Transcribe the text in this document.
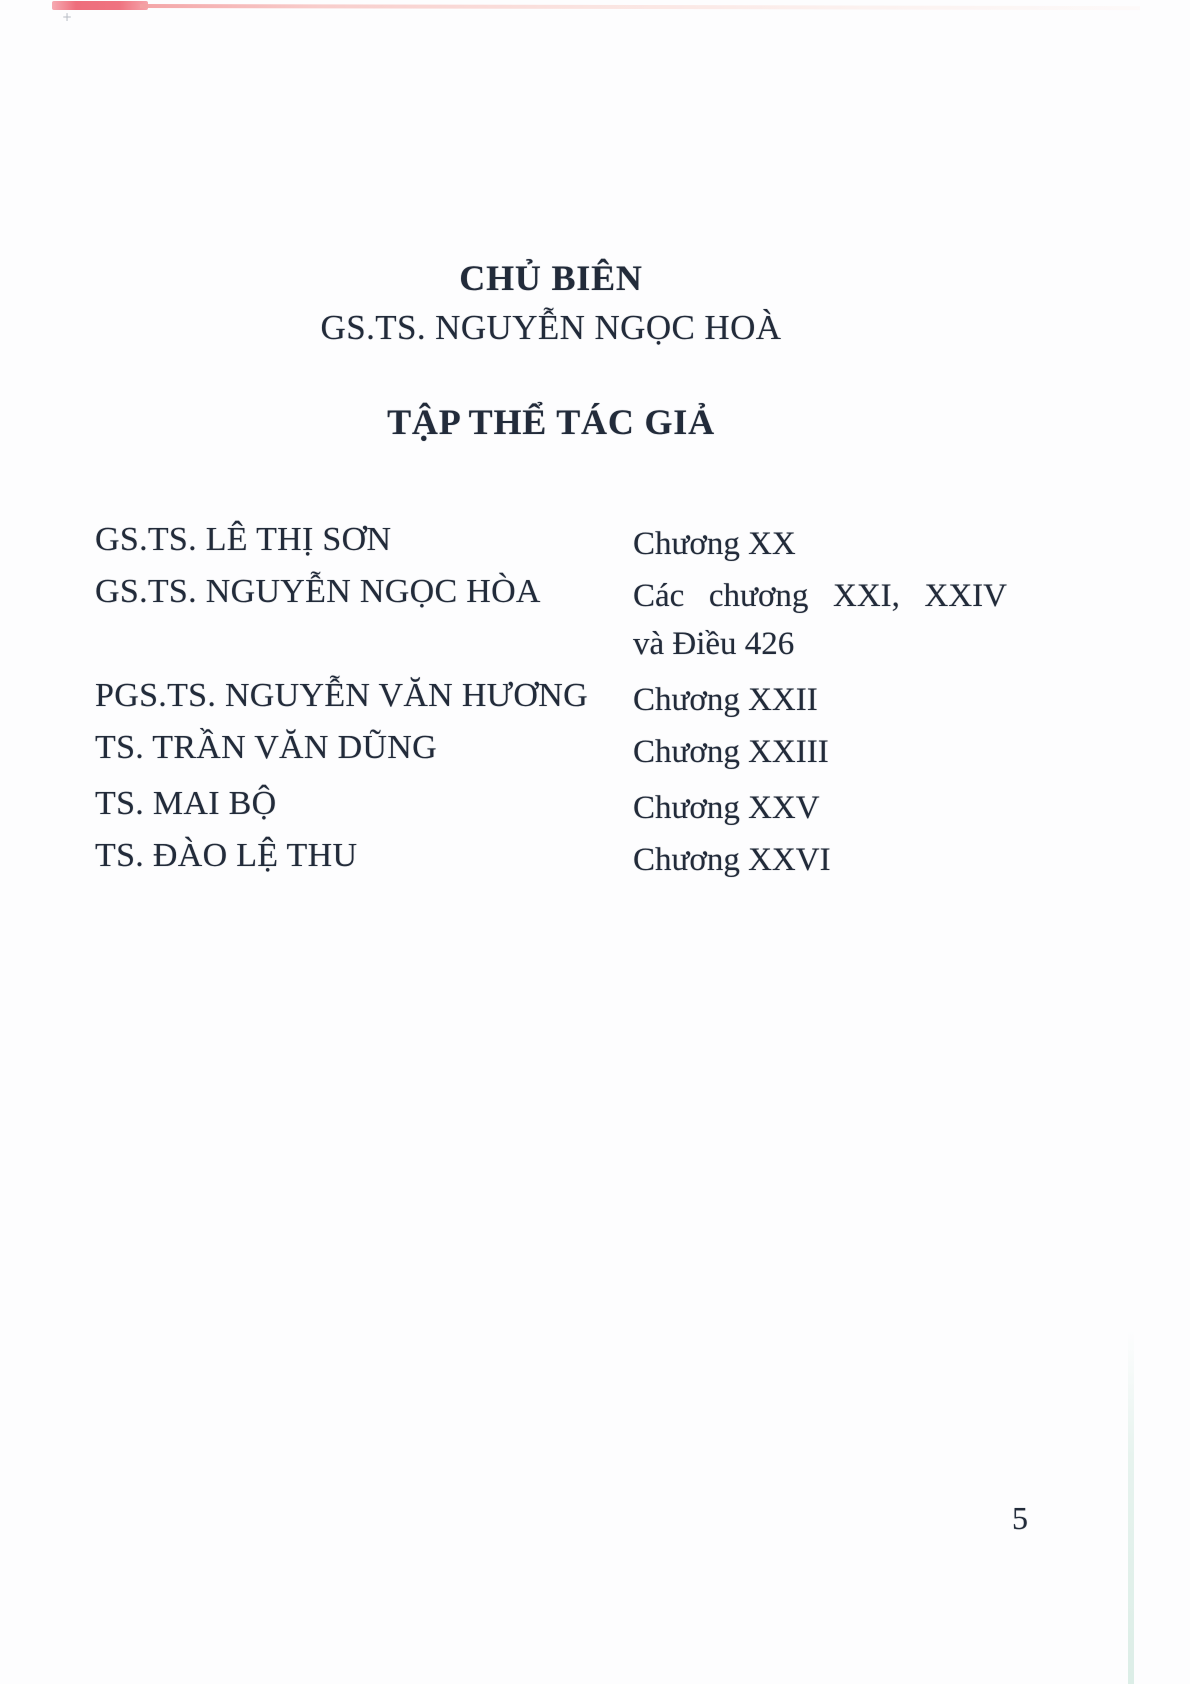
+
CHỦ BIÊN
GS.TS. NGUYỄN NGỌC HOÀ
TẬP THỂ TÁC GIẢ
GS.TS. LÊ THỊ SƠN	Chương XX
GS.TS. NGUYỄN NGỌC HÒA	Các chương XXI, XXIV
và Điều 426
PGS.TS. NGUYỄN VĂN HƯƠNG Chương XXII
TS. TRẦN VĂN DŨNG	Chương XXIII
TS. MAI BỘ	Chương XXV
TS. ĐÀO LỆ THU	Chương XXVI
5
